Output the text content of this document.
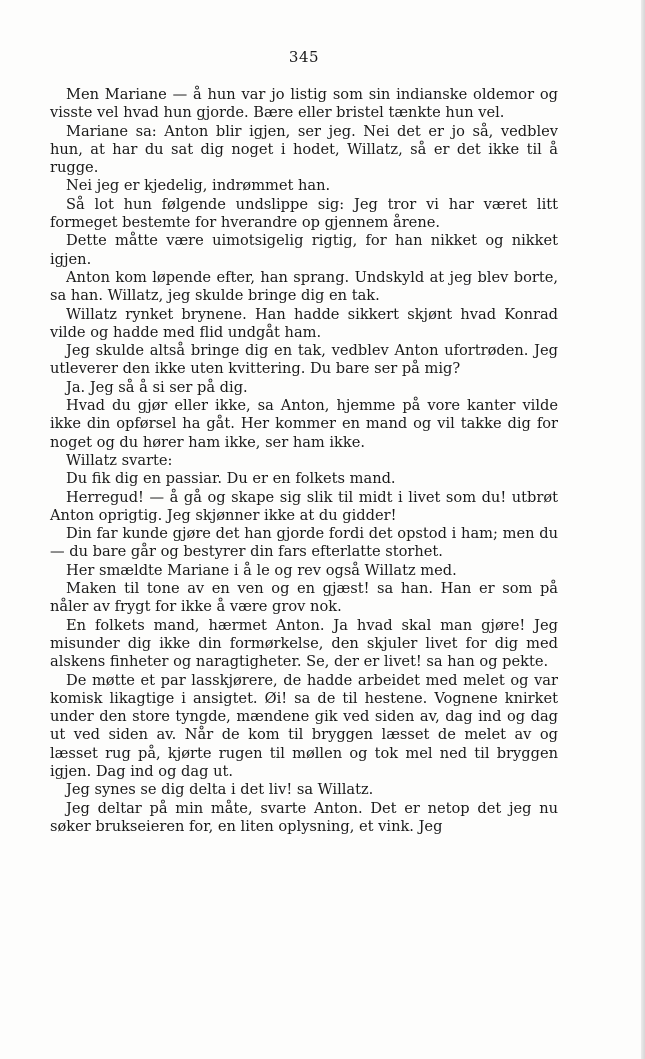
345

Men Mariane — å hun var jo listig som sin indianske oldemor og visste vel hvad hun gjorde. Bære eller bristel tænkte hun vel.

Mariane sa: Anton blir igjen, ser jeg. Nei det er jo så, vedblev hun, at har du sat dig noget i hodet, Willatz, så er det ikke til å rugge.

Nei jeg er kjedelig, indrømmet han.

Så lot hun følgende undslippe sig: Jeg tror vi har været litt formeget bestemte for hverandre op gjennem årene.

Dette måtte være uimotsigelig rigtig, for han nikket og nikket igjen.

Anton kom løpende efter, han sprang. Undskyld at jeg blev borte, sa han. Willatz, jeg skulde bringe dig en tak.

Willatz rynket brynene. Han hadde sikkert skjønt hvad Konrad vilde og hadde med flid undgåt ham.

Jeg skulde altså bringe dig en tak, vedblev Anton ufortrøden. Jeg utleverer den ikke uten kvittering. Du bare ser på mig?

Ja. Jeg så å si ser på dig.

Hvad du gjør eller ikke, sa Anton, hjemme på vore kanter vilde ikke din opførsel ha gåt. Her kommer en mand og vil takke dig for noget og du hører ham ikke, ser ham ikke.

Willatz svarte:

Du fik dig en passiar. Du er en folkets mand.

Herregud! — å gå og skape sig slik til midt i livet som du! utbrøt Anton oprigtig. Jeg skjønner ikke at du gidder!

Din far kunde gjøre det han gjorde fordi det opstod i ham; men du — du bare går og bestyrer din fars efterlatte storhet.

Her smældte Mariane i å le og rev også Willatz med.

Maken til tone av en ven og en gjæst! sa han. Han er som på nåler av frygt for ikke å være grov nok.

En folkets mand, hærmet Anton. Ja hvad skal man gjøre! Jeg misunder dig ikke din formørkelse, den skjuler livet for dig med alskens finheter og naragtigheter. Se, der er livet! sa han og pekte.

De møtte et par lasskjørere, de hadde arbeidet med melet og var komisk likagtige i ansigtet. Øi! sa de til hestene. Vognene knirket under den store tyngde, mændene gik ved siden av, dag ind og dag ut ved siden av. Når de kom til bryggen læsset de melet av og læsset rug på, kjørte rugen til møllen og tok mel ned til bryggen igjen. Dag ind og dag ut.

Jeg synes se dig delta i det liv! sa Willatz.

Jeg deltar på min måte, svarte Anton. Det er netop det jeg nu søker brukseieren for, en liten oplysning, et vink. Jeg
